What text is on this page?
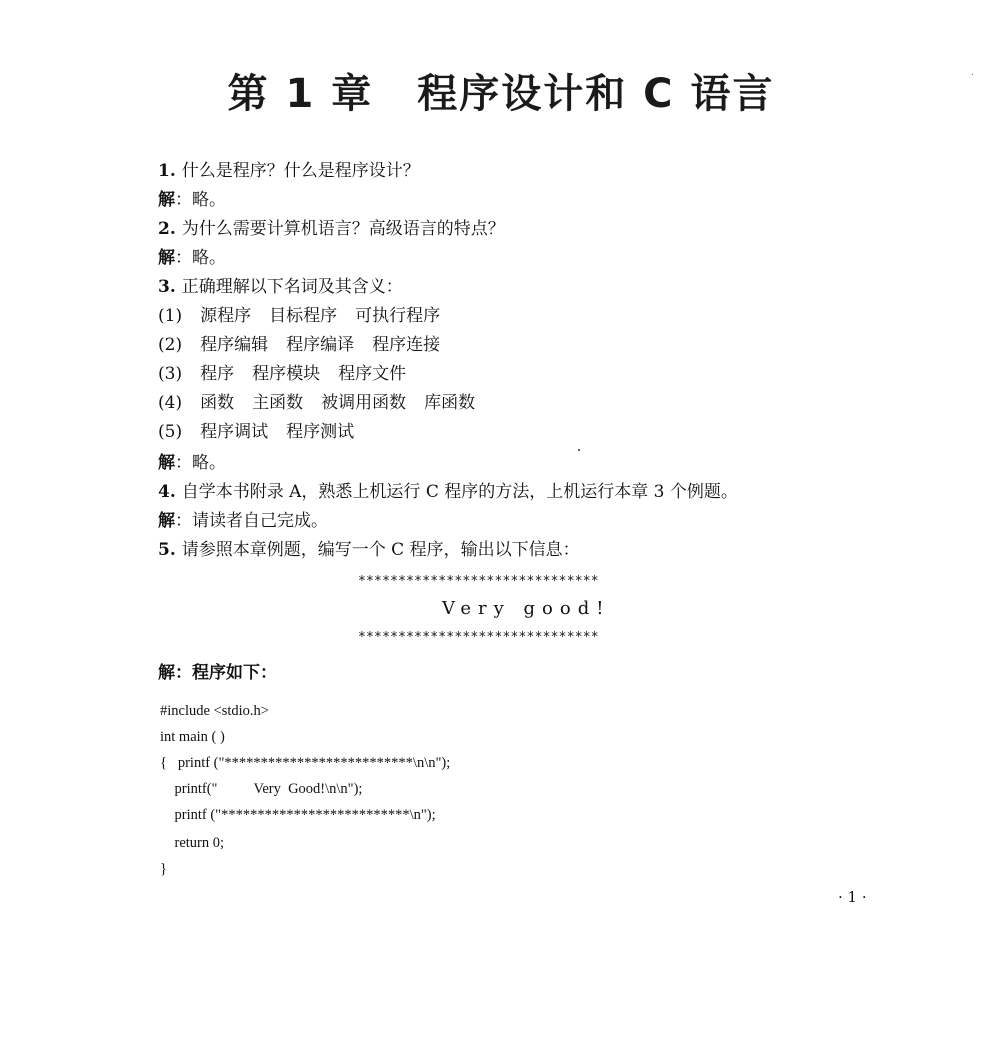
第 1 章 程序设计和 C 语言
1. 什么是程序？什么是程序设计？
解：略。
2. 为什么需要计算机语言？高级语言的特点？
解：略。
3. 正确理解以下名词及其含义：
(1) 源程序 目标程序 可执行程序
(2) 程序编辑 程序编译 程序连接
(3) 程序 程序模块 程序文件
(4) 函数 主函数 被调用函数 库函数
(5) 程序调试 程序测试
解：略。
4. 自学本书附录 A，熟悉上机运行 C 程序的方法，上机运行本章 3 个例题。
解：请读者自己完成。
5. 请参照本章例题，编写一个 C 程序，输出以下信息：
******************************
Very good!
******************************
解：程序如下：
#include <stdio.h>
int main ( )
{   printf ("**************************\n\n");
printf("          Very  Good!\n\n");
printf ("**************************\n");
return 0;
}
· 1 ·
